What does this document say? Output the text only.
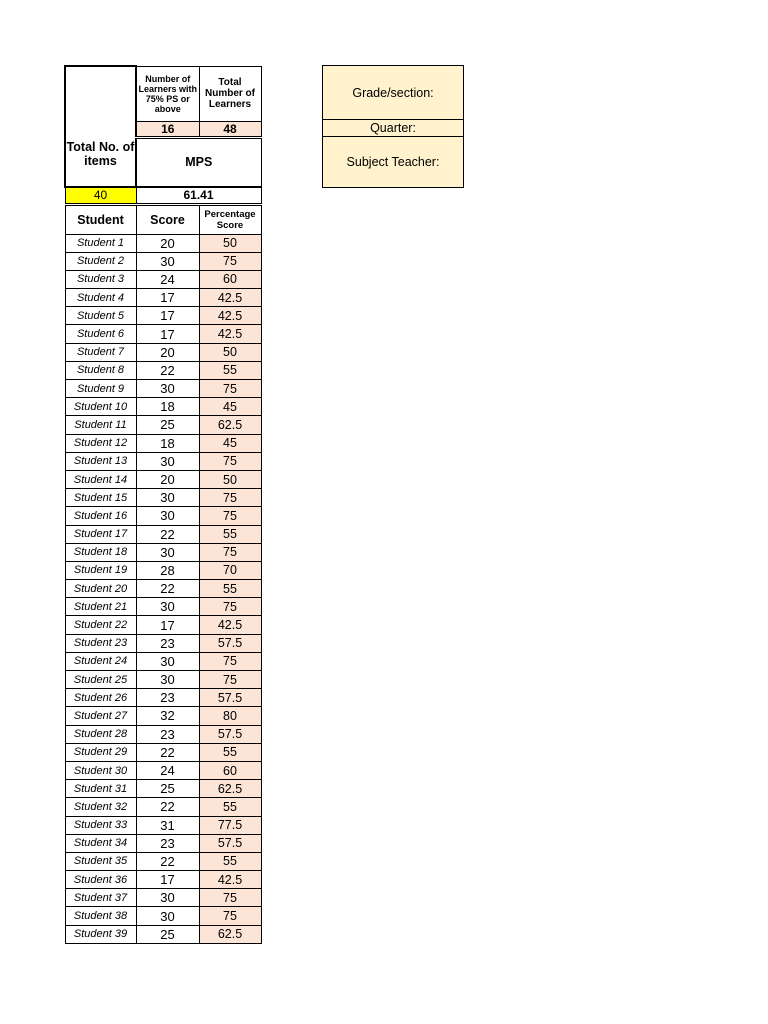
Total No. of items	Number of Learners with 75% PS or above	Total Number of Learners
	16	48
	MPS	
40	61.41	
Student	Score	Percentage Score
Student 1	20	50
Student 2	30	75
Student 3	24	60
Student 4	17	42.5
Student 5	17	42.5
Student 6	17	42.5
Student 7	20	50
Student 8	22	55
Student 9	30	75
Student 10	18	45
Student 11	25	62.5
Student 12	18	45
Student 13	30	75
Student 14	20	50
Student 15	30	75
Student 16	30	75
Student 17	22	55
Student 18	30	75
Student 19	28	70
Student 20	22	55
Student 21	30	75
Student 22	17	42.5
Student 23	23	57.5
Student 24	30	75
Student 25	30	75
Student 26	23	57.5
Student 27	32	80
Student 28	23	57.5
Student 29	22	55
Student 30	24	60
Student 31	25	62.5
Student 32	22	55
Student 33	31	77.5
Student 34	23	57.5
Student 35	22	55
Student 36	17	42.5
Student 37	30	75
Student 38	30	75
Student 39	25	62.5
Grade/section:
Quarter:
Subject Teacher:
